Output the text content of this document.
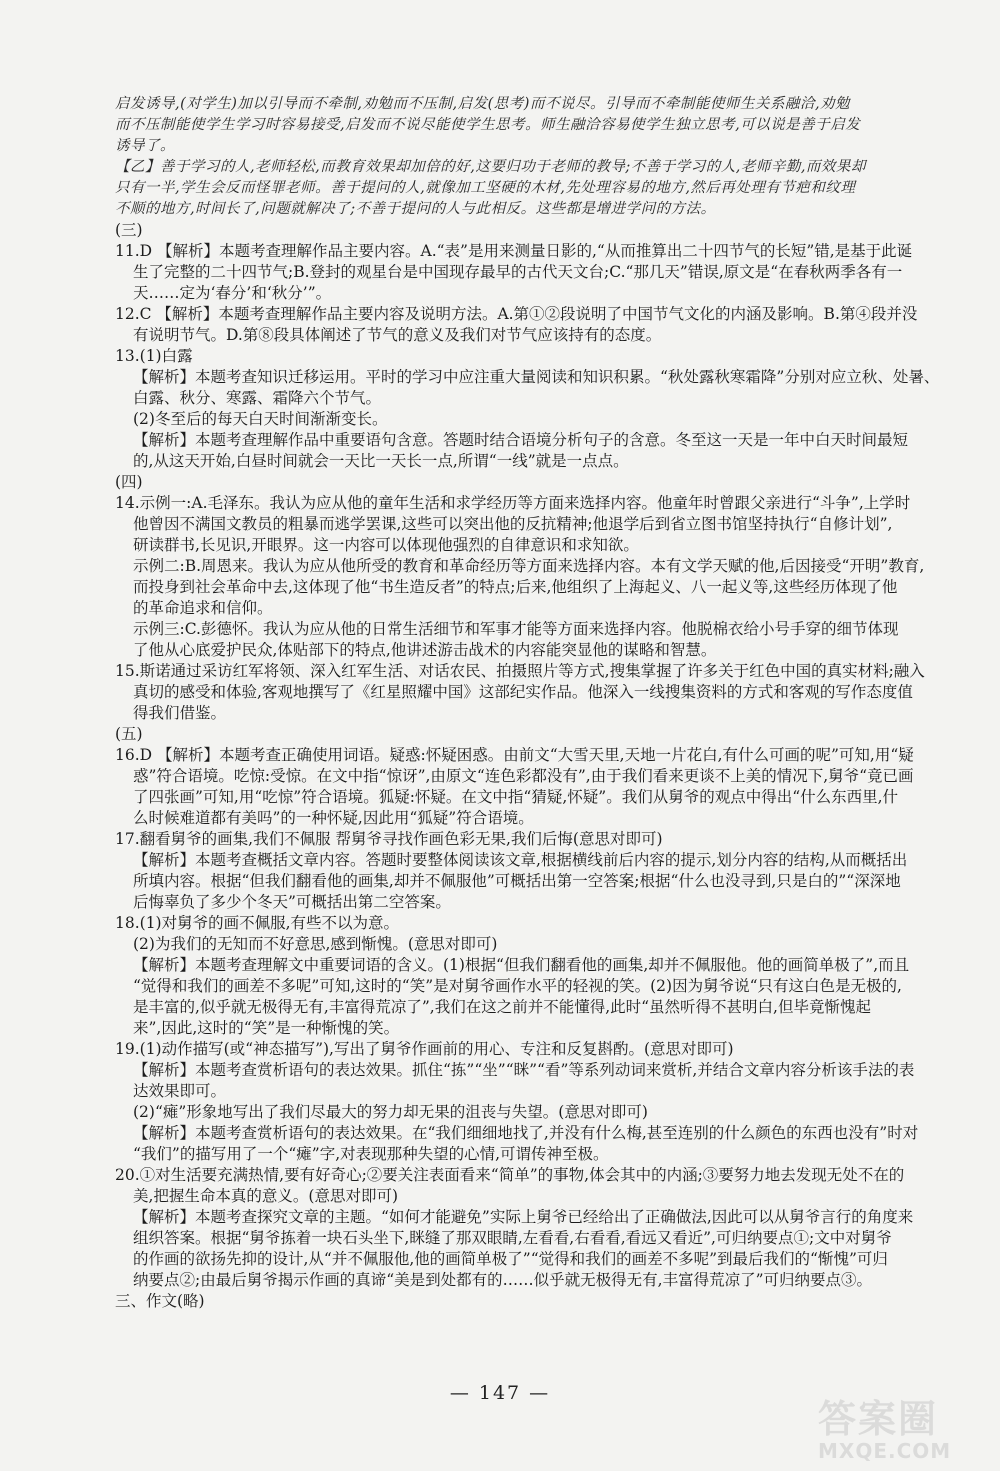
启发诱导,(对学生)加以引导而不牵制,劝勉而不压制,启发(思考)而不说尽。引导而不牵制能使师生关系融洽,劝勉
而不压制能使学生学习时容易接受,启发而不说尽能使学生思考。师生融洽容易使学生独立思考,可以说是善于启发
诱导了。
【乙】善于学习的人,老师轻松,而教育效果却加倍的好,这要归功于老师的教导;不善于学习的人,老师辛勤,而效果却
只有一半,学生会反而怪罪老师。善于提问的人,就像加工坚硬的木材,先处理容易的地方,然后再处理有节疤和纹理
不顺的地方,时间长了,问题就解决了;不善于提问的人与此相反。这些都是增进学问的方法。
(三)
11.D 【解析】本题考查理解作品主要内容。A.“表”是用来测量日影的,“从而推算出二十四节气的长短”错,是基于此诞
生了完整的二十四节气;B.登封的观星台是中国现存最早的古代天文台;C.“那几天”错误,原文是“在春秋两季各有一
天……定为‘春分’和‘秋分’”。
12.C 【解析】本题考查理解作品主要内容及说明方法。A.第①②段说明了中国节气文化的内涵及影响。B.第④段并没
有说明节气。D.第⑧段具体阐述了节气的意义及我们对节气应该持有的态度。
13.(1)白露
【解析】本题考查知识迁移运用。平时的学习中应注重大量阅读和知识积累。“秋处露秋寒霜降”分别对应立秋、处暑、
白露、秋分、寒露、霜降六个节气。
(2)冬至后的每天白天时间渐渐变长。
【解析】本题考查理解作品中重要语句含意。答题时结合语境分析句子的含意。冬至这一天是一年中白天时间最短
的,从这天开始,白昼时间就会一天比一天长一点,所谓“一线”就是一点点。
(四)
14.示例一:A.毛泽东。我认为应从他的童年生活和求学经历等方面来选择内容。他童年时曾跟父亲进行“斗争”,上学时
他曾因不满国文教员的粗暴而逃学罢课,这些可以突出他的反抗精神;他退学后到省立图书馆坚持执行“自修计划”,
研读群书,长见识,开眼界。这一内容可以体现他强烈的自律意识和求知欲。
示例二:B.周恩来。我认为应从他所受的教育和革命经历等方面来选择内容。本有文学天赋的他,后因接受“开明”教育,
而投身到社会革命中去,这体现了他“书生造反者”的特点;后来,他组织了上海起义、八一起义等,这些经历体现了他
的革命追求和信仰。
示例三:C.彭德怀。我认为应从他的日常生活细节和军事才能等方面来选择内容。他脱棉衣给小号手穿的细节体现
了他从心底爱护民众,体贴部下的特点,他讲述游击战术的内容能突显他的谋略和智慧。
15.斯诺通过采访红军将领、深入红军生活、对话农民、拍摄照片等方式,搜集掌握了许多关于红色中国的真实材料;融入
真切的感受和体验,客观地撰写了《红星照耀中国》这部纪实作品。他深入一线搜集资料的方式和客观的写作态度值
得我们借鉴。
(五)
16.D 【解析】本题考查正确使用词语。疑惑:怀疑困惑。由前文“大雪天里,天地一片花白,有什么可画的呢”可知,用“疑
惑”符合语境。吃惊:受惊。在文中指“惊讶”,由原文“连色彩都没有”,由于我们看来更谈不上美的情况下,舅爷“竟已画
了四张画”可知,用“吃惊”符合语境。狐疑:怀疑。在文中指“猜疑,怀疑”。我们从舅爷的观点中得出“什么东西里,什
么时候难道都有美吗”的一种怀疑,因此用“狐疑”符合语境。
17.翻看舅爷的画集,我们不佩服 帮舅爷寻找作画色彩无果,我们后悔(意思对即可)
【解析】本题考查概括文章内容。答题时要整体阅读该文章,根据横线前后内容的提示,划分内容的结构,从而概括出
所填内容。根据“但我们翻看他的画集,却并不佩服他”可概括出第一空答案;根据“什么也没寻到,只是白的”“深深地
后悔辜负了多少个冬天”可概括出第二空答案。
18.(1)对舅爷的画不佩服,有些不以为意。
(2)为我们的无知而不好意思,感到惭愧。(意思对即可)
【解析】本题考查理解文中重要词语的含义。(1)根据“但我们翻看他的画集,却并不佩服他。他的画简单极了”,而且
“觉得和我们的画差不多呢”可知,这时的“笑”是对舅爷画作水平的轻视的笑。(2)因为舅爷说“只有这白色是无极的,
是丰富的,似乎就无极得无有,丰富得荒凉了”,我们在这之前并不能懂得,此时“虽然听得不甚明白,但毕竟惭愧起
来”,因此,这时的“笑”是一种惭愧的笑。
19.(1)动作描写(或“神态描写”),写出了舅爷作画前的用心、专注和反复斟酌。(意思对即可)
【解析】本题考查赏析语句的表达效果。抓住“拣”“坐”“眯”“看”等系列动词来赏析,并结合文章内容分析该手法的表
达效果即可。
(2)“瘫”形象地写出了我们尽最大的努力却无果的沮丧与失望。(意思对即可)
【解析】本题考查赏析语句的表达效果。在“我们细细地找了,并没有什么梅,甚至连别的什么颜色的东西也没有”时对
“我们”的描写用了一个“瘫”字,对表现那种失望的心情,可谓传神至极。
20.①对生活要充满热情,要有好奇心;②要关注表面看来“简单”的事物,体会其中的内涵;③要努力地去发现无处不在的
美,把握生命本真的意义。(意思对即可)
【解析】本题考查探究文章的主题。“如何才能避免”实际上舅爷已经给出了正确做法,因此可以从舅爷言行的角度来
组织答案。根据“舅爷拣着一块石头坐下,眯缝了那双眼睛,左看看,右看看,看远又看近”,可归纳要点①;文中对舅爷
的作画的欲扬先抑的设计,从“并不佩服他,他的画简单极了”“觉得和我们的画差不多呢”到最后我们的“惭愧”可归
纳要点②;由最后舅爷揭示作画的真谛“美是到处都有的……似乎就无极得无有,丰富得荒凉了”可归纳要点③。
三、作文(略)
— 147 —
答案圈
MXQE.COM
